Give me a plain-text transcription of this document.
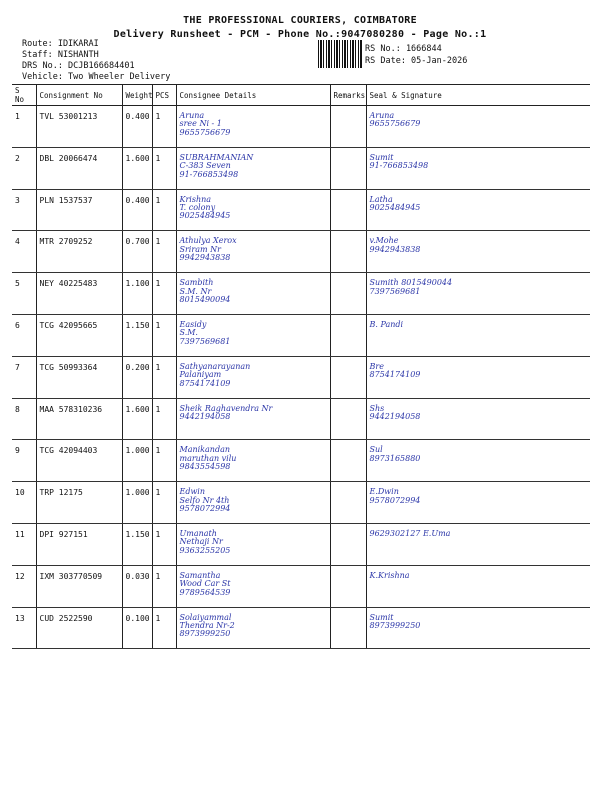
THE PROFESSIONAL COURIERS, COIMBATORE
Delivery Runsheet - PCM - Phone No.:9047080280 - Page No.:1
Route: IDIKARAI
Staff: NISHANTH
DRS No.: DCJB166684401
Vehicle: Two Wheeler Delivery
RS No.: 1666844
RS Date: 05-Jan-2026
S No	Consignment No	Weight	PCS	Consignee Details	Remarks	Seal & Signature
1	TVL 53001213	0.400	1	Aruna
sree Ni - 1
9655756679		Aruna
9655756679

2	DBL 20066474	1.600	1	SUBRAHMANIAN
C-383 Seven
91-766853498		Sumit
91-766853498

3	PLN 1537537	0.400	1	Krishna
T. colony
9025484945		Latha
9025484945

4	MTR 2709252	0.700	1	Athulya Xerox
Sriram Nr
9942943838		v.Mohe
9942943838

5	NEY 40225483	1.100	1	Sambith
S.M. Nr
8015490094		Sumith 8015490044
7397569681

6	TCG 42095665	1.150	1	Easidy
S.M.
7397569681		B. Pandi

7	TCG 50993364	0.200	1	Sathyanarayanan
Palaniyam
8754174109		Bre
8754174109

8	MAA 578310236	1.600	1	Sheik Raghavendra Nr
9442194058		Shs
9442194058

9	TCG 42094403	1.000	1	Manikandan
maruthan vilu
9843554598		Sul
8973165880

10	TRP 12175	1.000	1	Edwin
Selfo Nr 4th
9578072994		E.Dwin
9578072994

11	DPI 927151	1.150	1	Umanath
Nethaji Nr
9363255205		9629302127 E.Uma

12	IXM 303770509	0.030	1	Samantha
Wood Car St
9789564539		K.Krishna

13	CUD 2522590	0.100	1	Solaiyammal
Thendra Nr-2
8973999250		Sumit
8973999250
